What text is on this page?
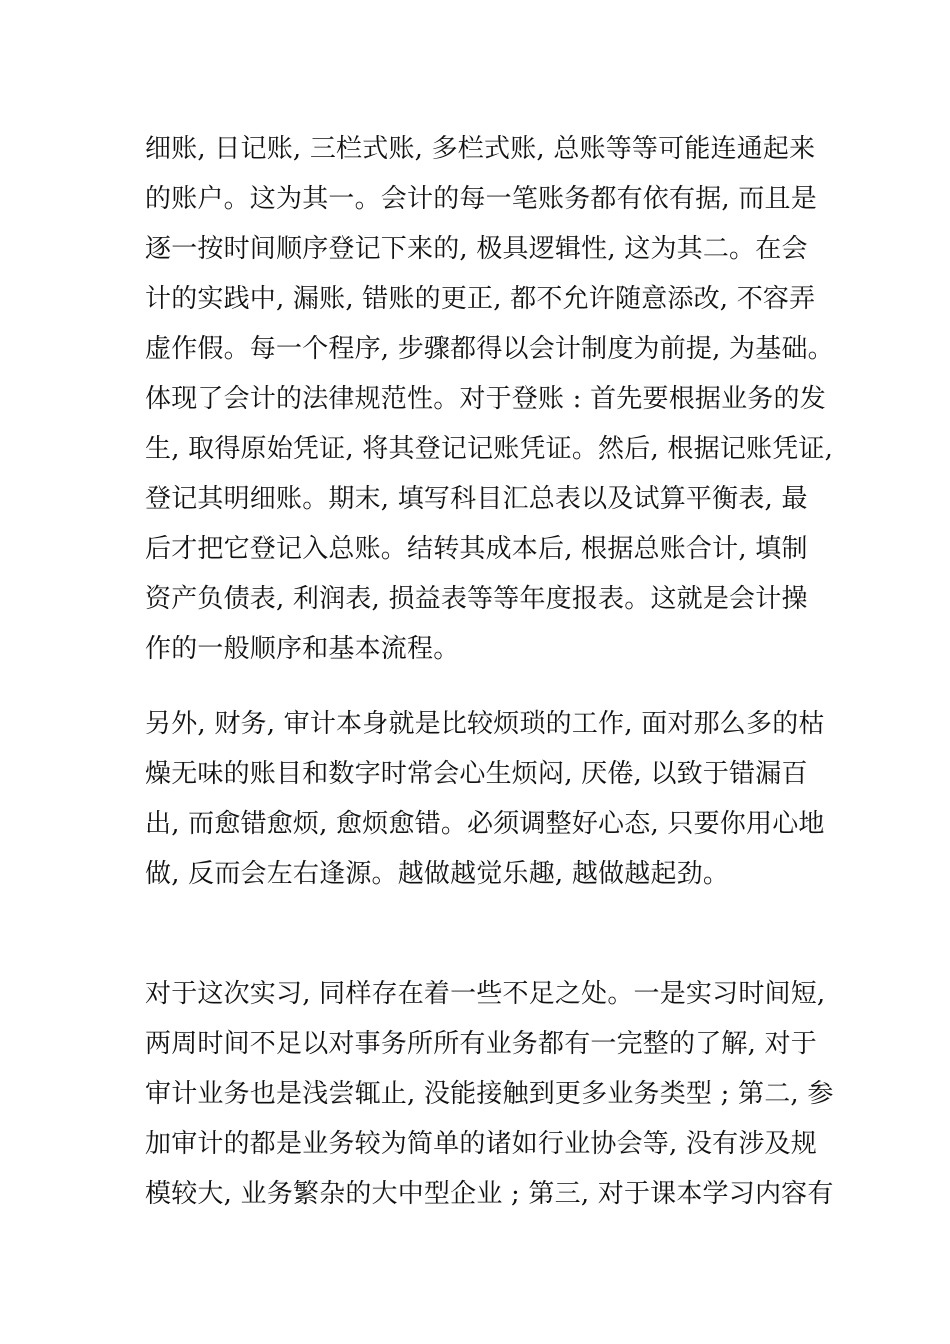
细账, 日记账, 三栏式账, 多栏式账, 总账等等可能连通起来
的账户。这为其一。会计的每一笔账务都有依有据, 而且是
逐一按时间顺序登记下来的, 极具逻辑性, 这为其二。在会
计的实践中, 漏账, 错账的更正, 都不允许随意添改, 不容弄
虚作假。每一个程序, 步骤都得以会计制度为前提, 为基础。
体现了会计的法律规范性。对于登账 : 首先要根据业务的发
生, 取得原始凭证, 将其登记记账凭证。然后, 根据记账凭证,
登记其明细账。期末, 填写科目汇总表以及试算平衡表, 最
后才把它登记入总账。结转其成本后, 根据总账合计, 填制
资产负债表, 利润表, 损益表等等年度报表。这就是会计操
作的一般顺序和基本流程。
另外, 财务, 审计本身就是比较烦琐的工作, 面对那么多的枯
燥无味的账目和数字时常会心生烦闷, 厌倦, 以致于错漏百
出, 而愈错愈烦, 愈烦愈错。必须调整好心态, 只要你用心地
做, 反而会左右逢源。越做越觉乐趣, 越做越起劲。
对于这次实习, 同样存在着一些不足之处。一是实习时间短,
两周时间不足以对事务所所有业务都有一完整的了解, 对于
审计业务也是浅尝辄止, 没能接触到更多业务类型 ; 第二, 参
加审计的都是业务较为简单的诸如行业协会等, 没有涉及规
模较大, 业务繁杂的大中型企业 ; 第三, 对于课本学习内容有
